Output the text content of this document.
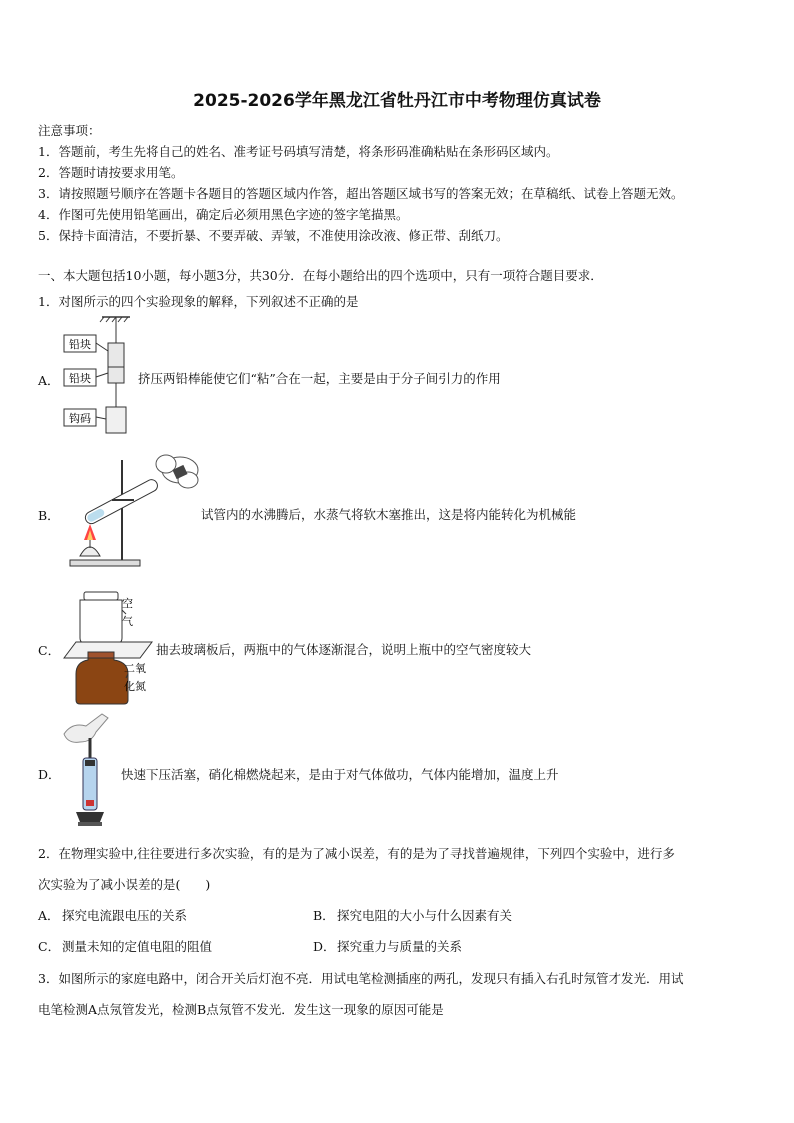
2025-2026学年黑龙江省牡丹江市中考物理仿真试卷
注意事项：
1．答题前，考生先将自己的姓名、准考证号码填写清楚，将条形码准确粘贴在条形码区域内。
2．答题时请按要求用笔。
3．请按照题号顺序在答题卡各题目的答题区域内作答，超出答题区域书写的答案无效；在草稿纸、试卷上答题无效。
4．作图可先使用铅笔画出，确定后必须用黑色字迹的签字笔描黑。
5．保持卡面清洁，不要折暴、不要弄破、弄皱，不准使用涂改液、修正带、刮纸刀。
一、本大题包括10小题，每小题3分，共30分．在每小题给出的四个选项中，只有一项符合题目要求．
1．对图所示的四个实验现象的解释，下列叙述不正确的是
A．
铅块
铅块
钩码
挤压两铅棒能使它们“粘”合在一起，主要是由于分子间引力的作用
B．	试管内的水沸腾后，水蒸气将软木塞推出，这是将内能转化为机械能
C．
空
气
二氧
化氮
抽去玻璃板后，两瓶中的气体逐渐混合，说明上瓶中的空气密度较大
D．	快速下压活塞，硝化棉燃烧起来，是由于对气体做功，气体内能增加，温度上升
2．在物理实验中,往往要进行多次实验，有的是为了减小误差，有的是为了寻找普遍规律，下列四个实验中，进行多
次实验为了减小误差的是(　　)
A． 探究电流跟电压的关系	B． 探究电阻的大小与什么因素有关
C． 测量未知的定值电阻的阻值	D． 探究重力与质量的关系
3．如图所示的家庭电路中，闭合开关后灯泡不亮．用试电笔检测插座的两孔，发现只有插入右孔时氖管才发光．用试
电笔检测A点氖管发光，检测B点氖管不发光．发生这一现象的原因可能是
